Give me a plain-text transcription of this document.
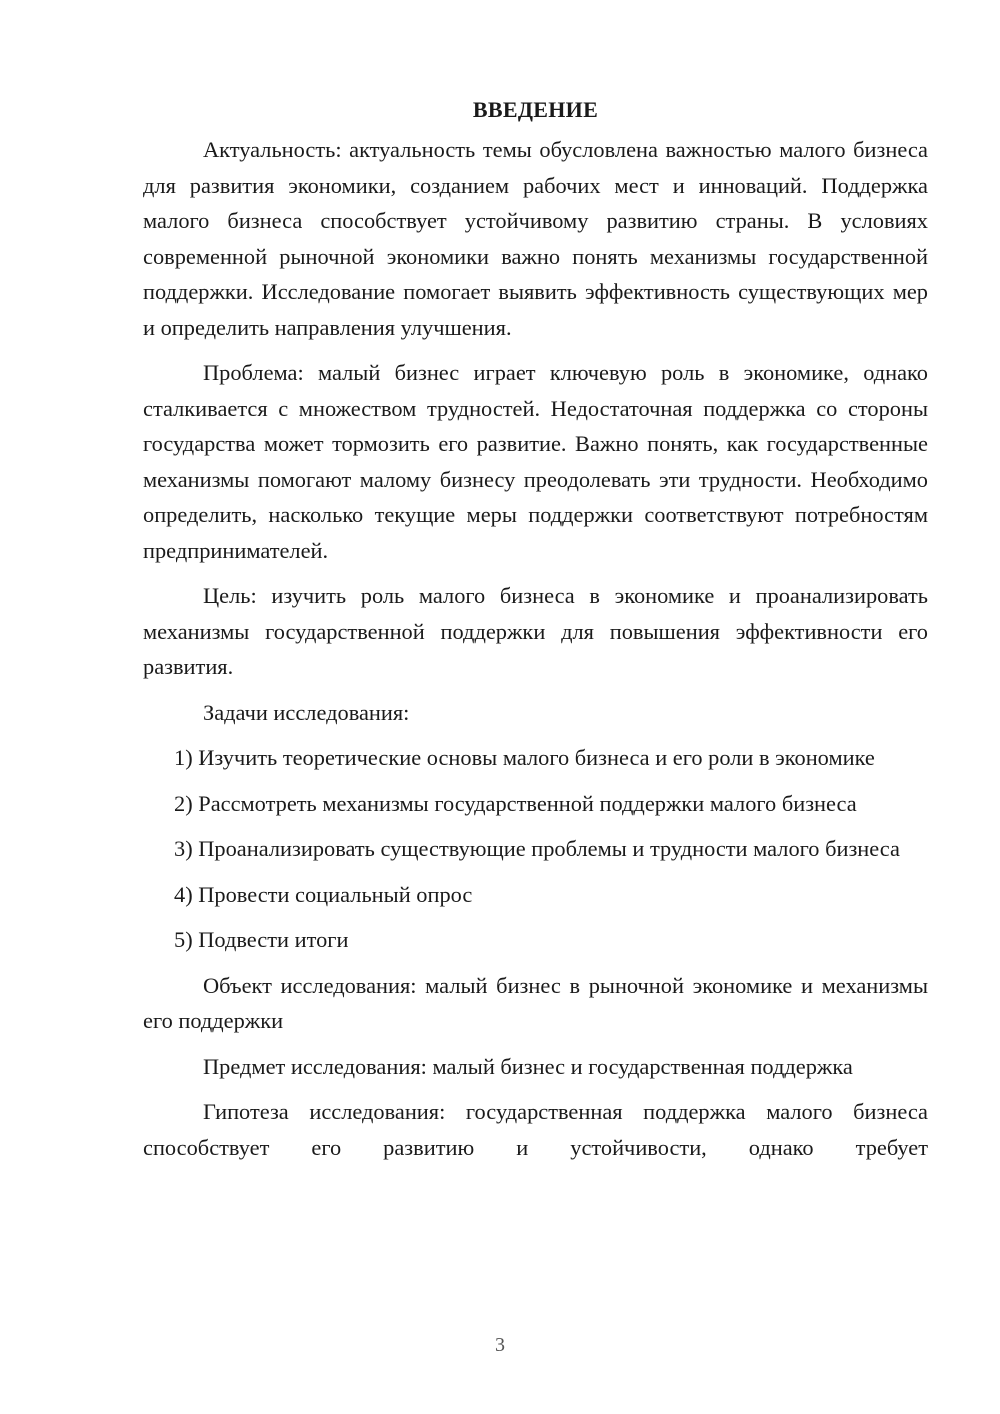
ВВЕДЕНИЕ

Актуальность: актуальность темы обусловлена важностью малого бизнеса для развития экономики, созданием рабочих мест и инноваций. Поддержка малого бизнеса способствует устойчивому развитию страны. В условиях современной рыночной экономики важно понять механизмы государственной поддержки. Исследование помогает выявить эффективность существующих мер и определить направления улучшения.

Проблема: малый бизнес играет ключевую роль в экономике, однако сталкивается с множеством трудностей. Недостаточная поддержка со стороны государства может тормозить его развитие. Важно понять, как государственные механизмы помогают малому бизнесу преодолевать эти трудности. Необходимо определить, насколько текущие меры поддержки соответствуют потребностям предпринимателей.

Цель: изучить роль малого бизнеса в экономике и проанализировать механизмы государственной поддержки для повышения эффективности его развития.

Задачи исследования:

1) Изучить теоретические основы малого бизнеса и его роли в экономике

2) Рассмотреть механизмы государственной поддержки малого бизнеса

3) Проанализировать существующие проблемы и трудности малого бизнеса

4) Провести социальный опрос

5) Подвести итоги

Объект исследования: малый бизнес в рыночной экономике и механизмы его поддержки

Предмет исследования: малый бизнес и государственная поддержка

Гипотеза исследования: государственная поддержка малого бизнеса способствует его развитию и устойчивости, однако требует

3
